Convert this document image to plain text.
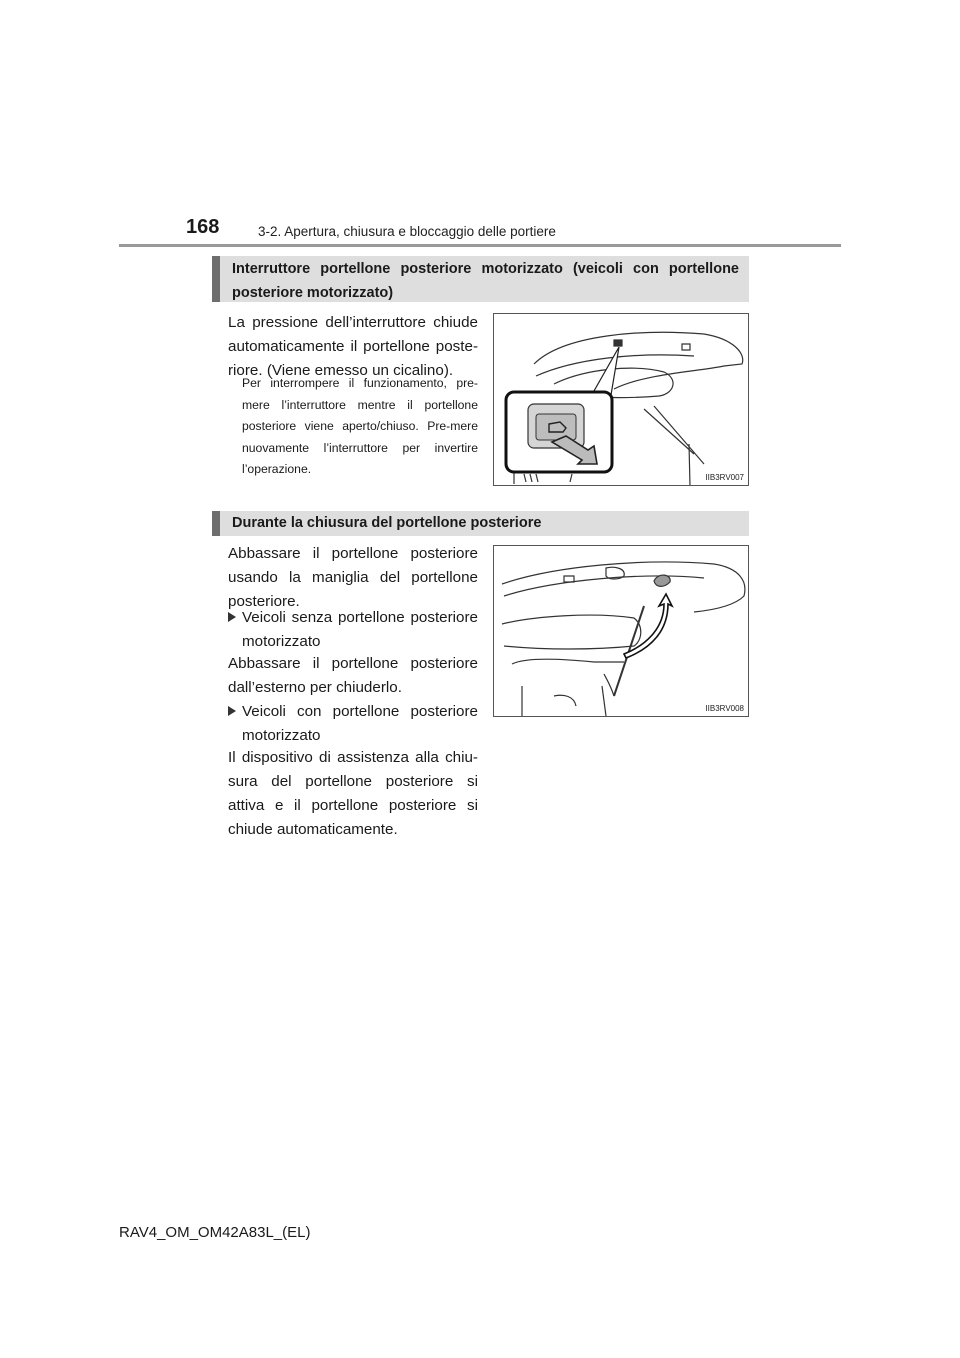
168	3-2. Apertura, chiusura e bloccaggio delle portiere
Interruttore portellone posteriore motorizzato (veicoli con portellone posteriore motorizzato)
La pressione dell’interruttore chiude automaticamente il portellone poste-riore. (Viene emesso un cicalino).
Per interrompere il funzionamento, pre-mere l’interruttore mentre il portellone posteriore viene aperto/chiuso. Pre-mere nuovamente l’interruttore per invertire l’operazione.
IIB3RV007
Durante la chiusura del portellone posteriore
Abbassare il portellone posteriore usando la maniglia del portellone posteriore.
Veicoli senza portellone posteriore motorizzato
Abbassare il portellone posteriore dall’esterno per chiuderlo.
Veicoli con portellone posteriore motorizzato
Il dispositivo di assistenza alla chiu-sura del portellone posteriore si attiva e il portellone posteriore si chiude automaticamente.
IIB3RV008
RAV4_OM_OM42A83L_(EL)
